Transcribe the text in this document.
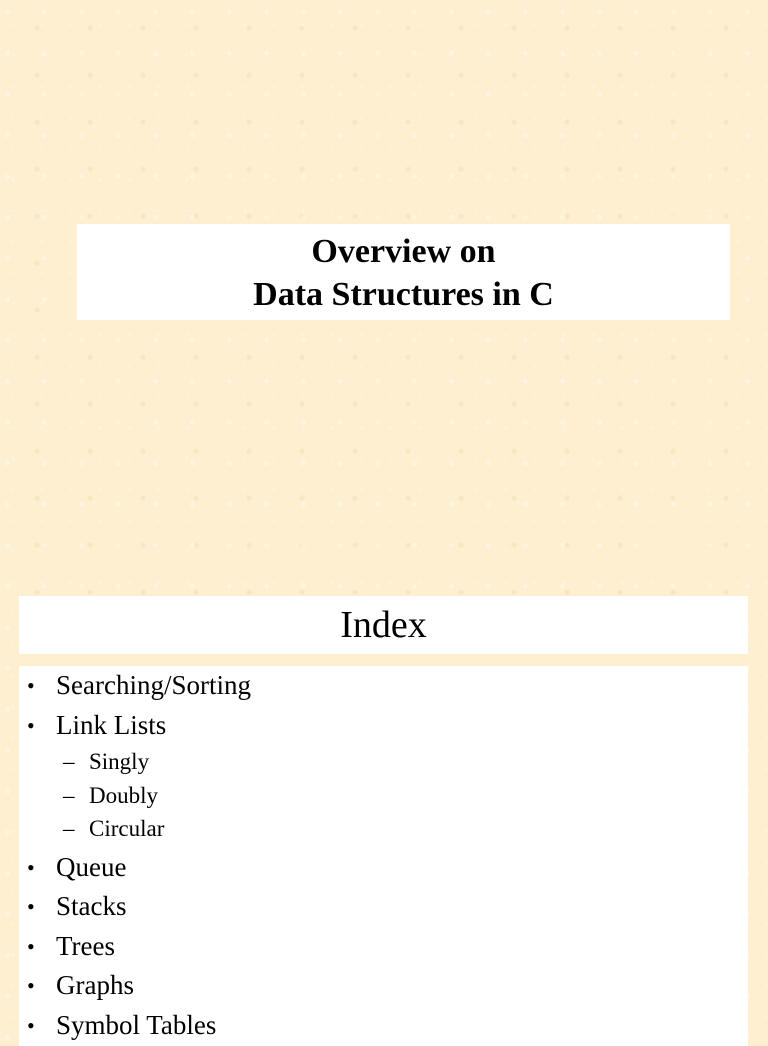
Overview on
Data Structures in C
Index
• Searching/Sorting
• Link Lists
– Singly
– Doubly
– Circular
• Queue
• Stacks
• Trees
• Graphs
• Symbol Tables
